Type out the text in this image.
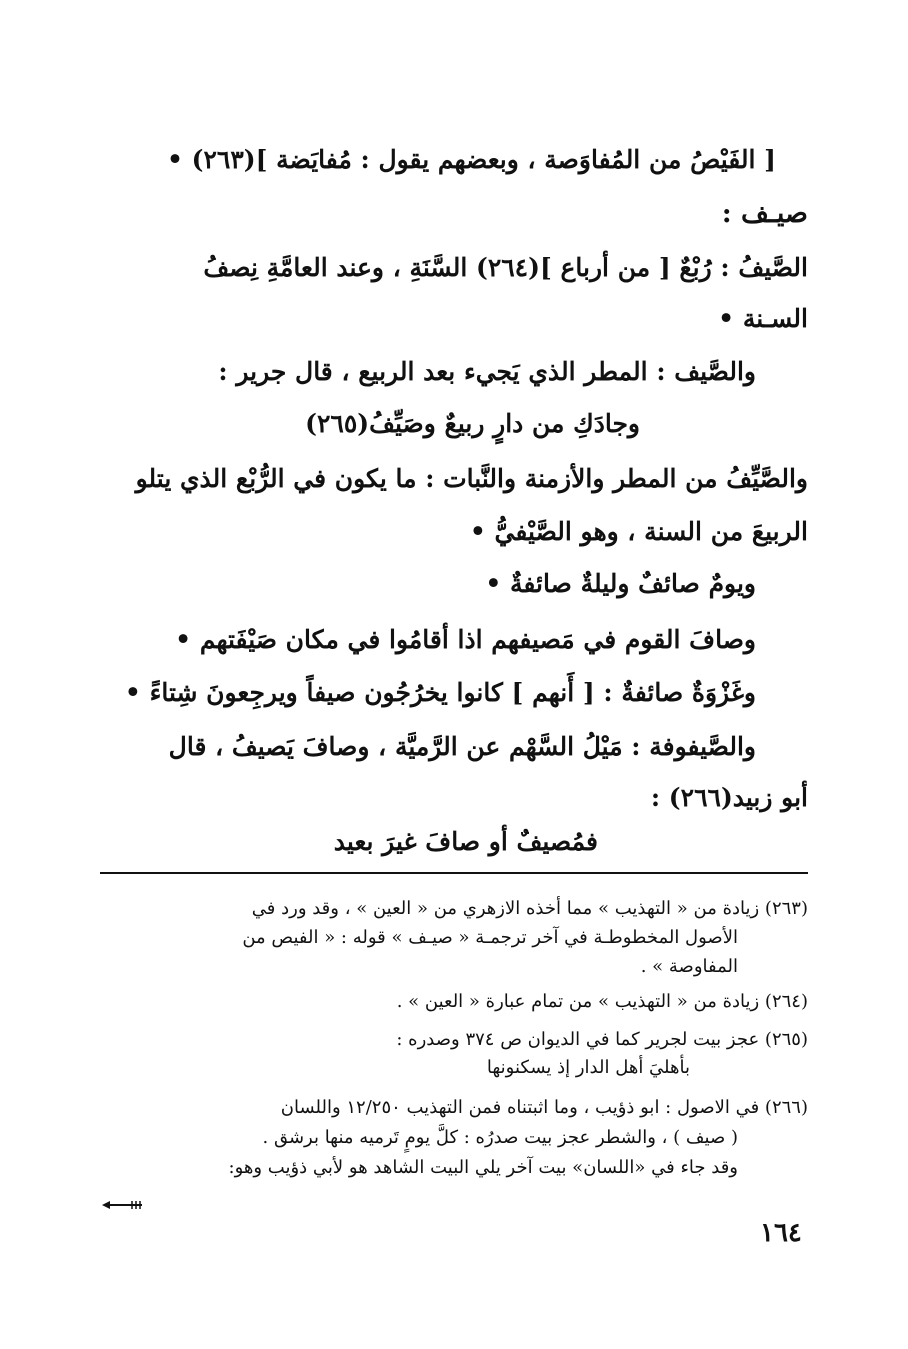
[ الفَيْصُ من المُفاوَصة ، وبعضهم يقول : مُفايَضة ](٢٦٣) •

صيـف :

الصَّيفُ : رُبْعٌ [ من أرباع ](٢٦٤) السَّنَةِ ، وعند العامَّةِ نِصفُ

السـنة •

والصَّيف : المطر الذي يَجيء بعد الربيع ، قال جرير :

وجادَكِ من دارٍ ربيعٌ وصَيِّفُ(٢٦٥)

والصَّيِّفُ من المطر والأزمنة والنَّبات : ما يكون في الرُّبْع الذي يتلو

الربيعَ من السنة ، وهو الصَّيْفيُّ •

ويومٌ صائفٌ وليلةٌ صائفةٌ •

وصافَ القوم في مَصيفهم اذا أقامُوا في مكان صَيْفَتهم •

وغَزْوَةٌ صائفةٌ : [ أَنهم ] كانوا يخرُجُون صيفاً ويرجِعونَ شِتاءً •

والصَّيفوفة : مَيْلُ السَّهْم عن الرَّميَّة ، وصافَ يَصيفُ ، قال

أبو زبيد(٢٦٦) :

فمُصيفٌ أو صافَ غيرَ بعيد

(٢٦٣) زيادة من « التهذيب » مما أخذه الازهري من « العين » ، وقد ورد في

الأصول المخطوطـة في آخر ترجمـة « صيـف » قوله : « الفيص من

المفاوصة » .

(٢٦٤) زيادة من « التهذيب » من تمام عبارة « العين » .

(٢٦٥) عجز بيت لجرير كما في الديوان ص ٣٧٤ وصدره :

بأهليَ أهل الدار إذ يسكنونها

(٢٦٦) في الاصول : ابو ذؤيب ، وما اثبتناه فمن التهذيب ١٢/٢٥٠ واللسان

( صيف ) ، والشطر عجز بيت صدرُه : كلَّ يومٍ تَرميه منها برشق .

وقد جاء في «اللسان» بيت آخر يلي البيت الشاهد هو لأبي ذؤيب وهو:

١٦٤
